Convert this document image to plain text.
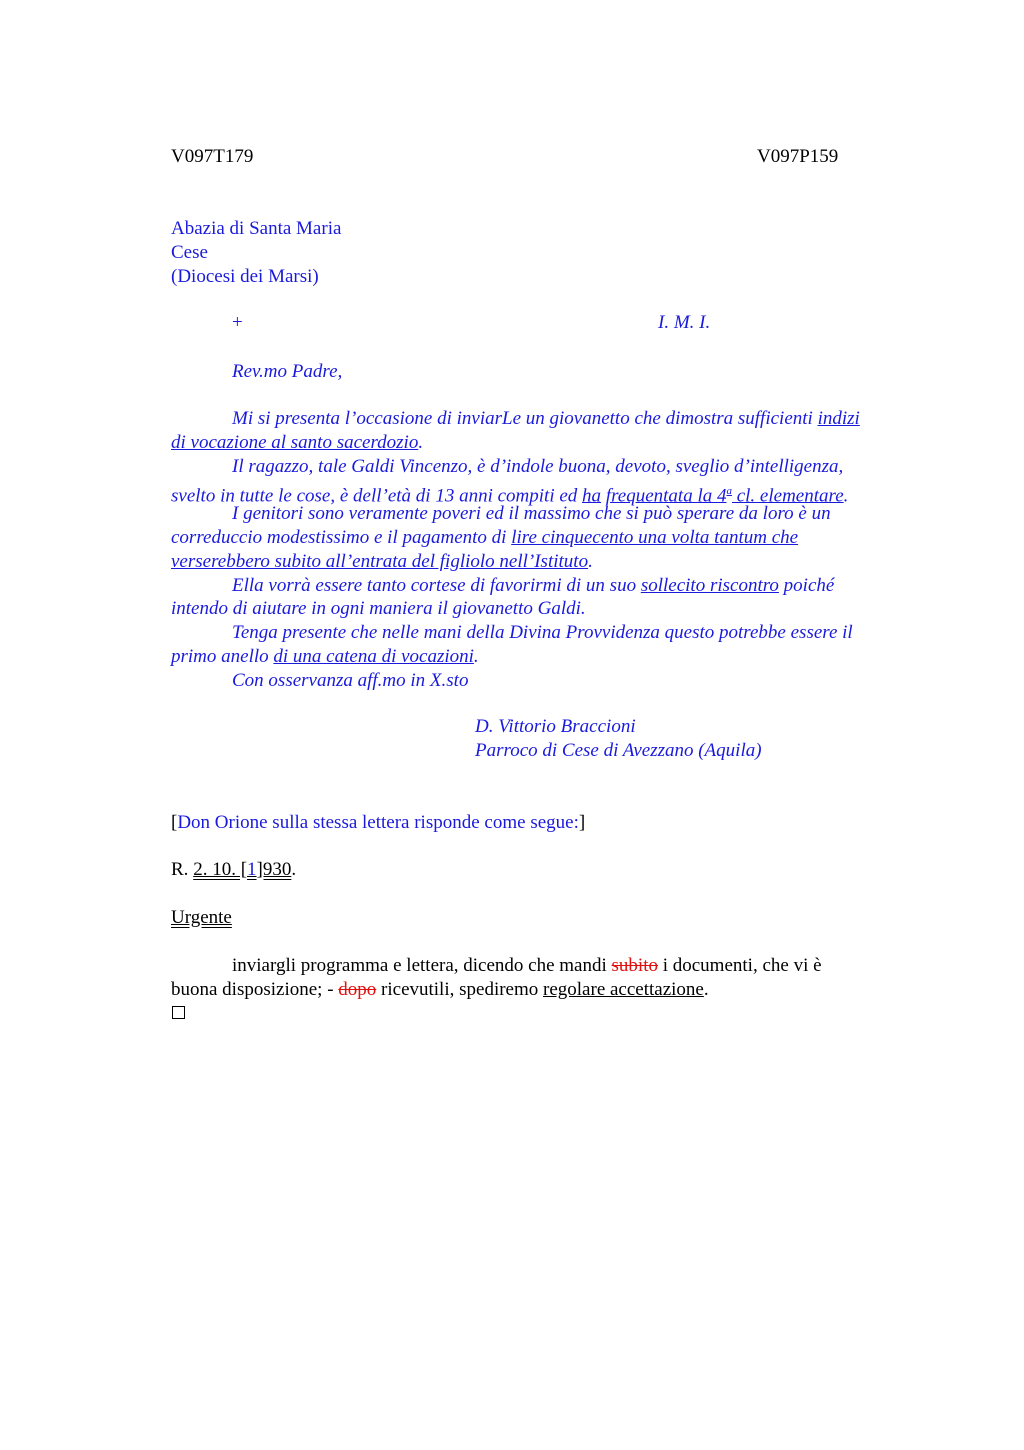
V097T179	V097P159
Abazia di Santa Maria
Cese
(Diocesi dei Marsi)
+	I. M. I.
Rev.mo Padre,
Mi si presenta l’occasione di inviarLe un giovanetto che dimostra sufficienti indizi
di vocazione al santo sacerdozio.
Il ragazzo, tale Galdi Vincenzo, è d’indole buona, devoto, sveglio d’intelligenza,
svelto in tutte le cose, è dell’età di 13 anni compiti ed ha frequentata la 4$^a$ cl. elementare.
I genitori sono veramente poveri ed il massimo che si può sperare da loro è un
correduccio modestissimo e il pagamento di lire cinquecento una volta tantum che
verserebbero subito all’entrata del figliolo nell’Istituto.
Ella vorrà essere tanto cortese di favorirmi di un suo sollecito riscontro poiché
intendo di aiutare in ogni maniera il giovanetto Galdi.
Tenga presente che nelle mani della Divina Provvidenza questo potrebbe essere il
primo anello di una catena di vocazioni.
Con osservanza aff.mo in X.sto
D. Vittorio Braccioni
Parroco di Cese di Avezzano (Aquila)
[Don Orione sulla stessa lettera risponde come segue:]
R. 2. 10. [1]930.
Urgente
inviargli programma e lettera, dicendo che mandi subito i documenti, che vi è
buona disposizione; - dopo ricevutili, spediremo regolare accettazione.
